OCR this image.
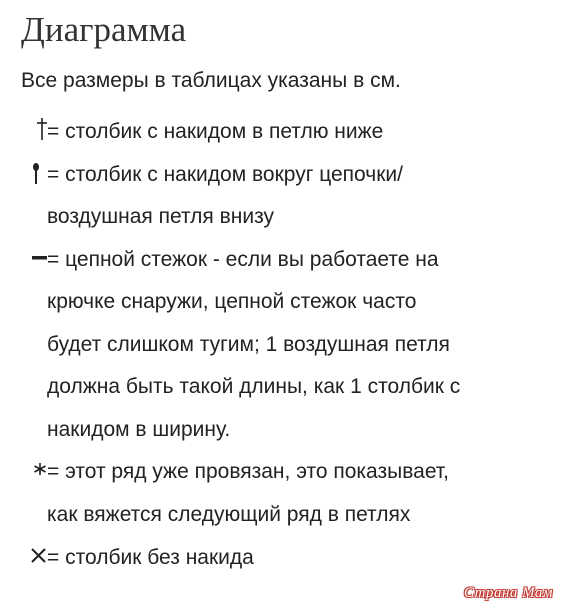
Диаграмма
Все размеры в таблицах указаны в см.
= столбик с накидом в петлю ниже
= столбик с накидом вокруг цепочки/
воздушная петля внизу
= цепной стежок - если вы работаете на
крючке снаружи, цепной стежок часто
будет слишком тугим; 1 воздушная петля
должна быть такой длины, как 1 столбик с
накидом в ширину.
= этот ряд уже провязан, это показывает,
как вяжется следующий ряд в петлях
= столбик без накида
Страна Мам
